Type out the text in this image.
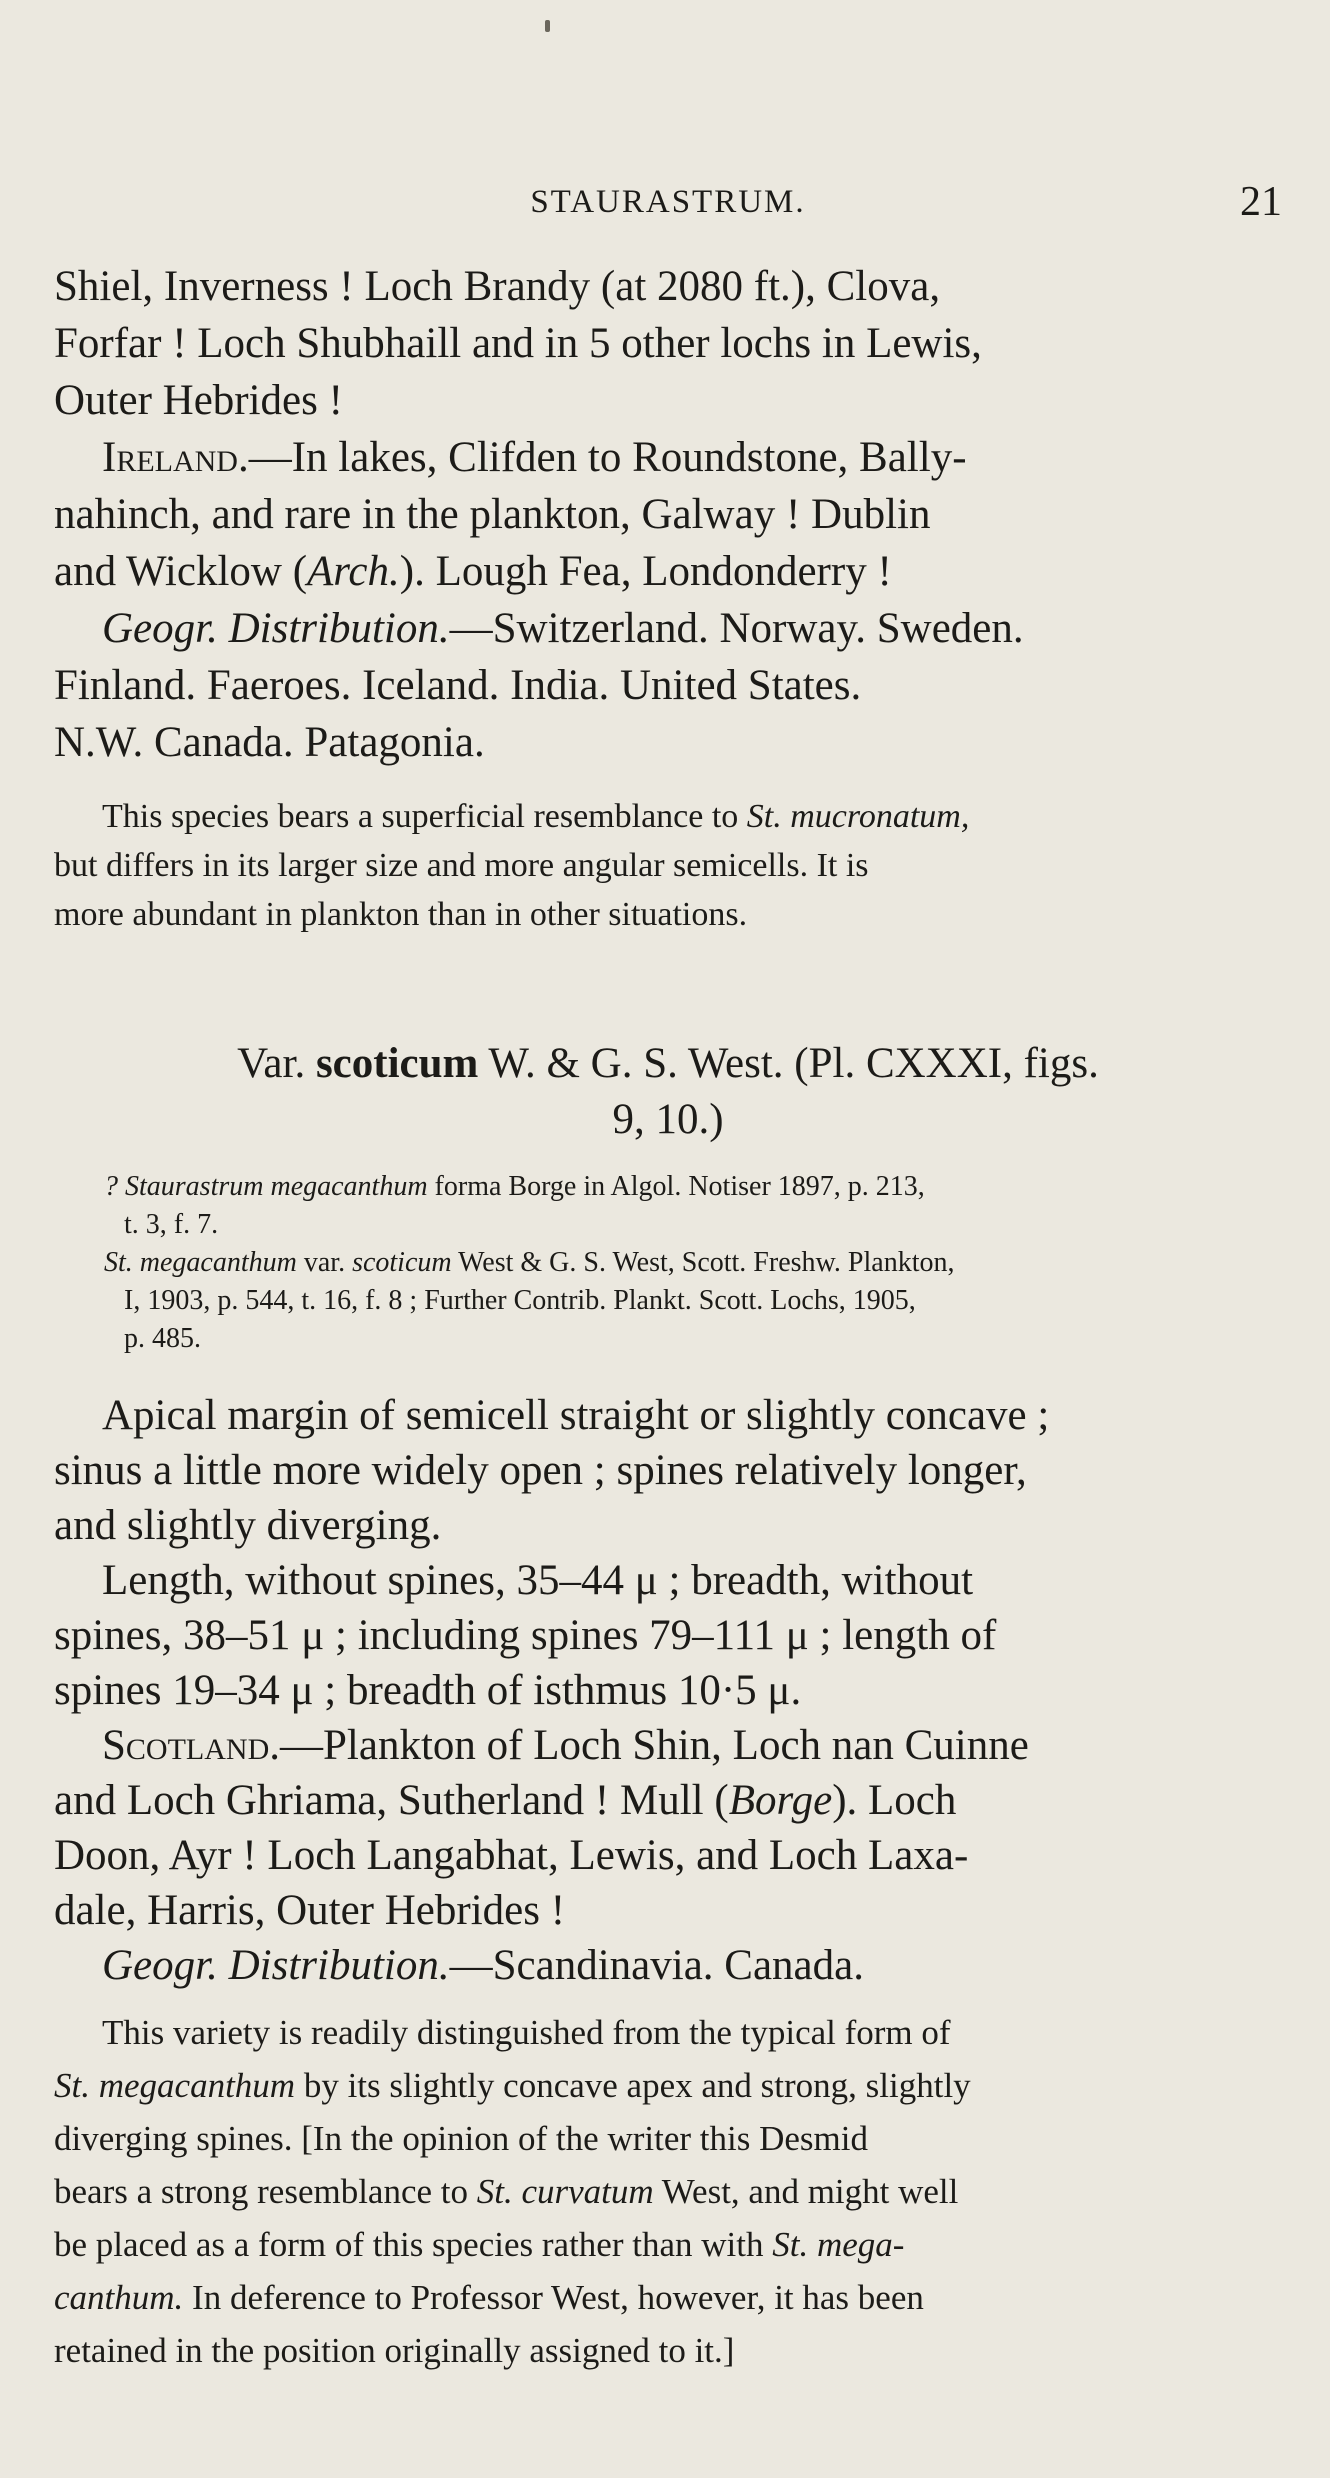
STAURASTRUM.	21
Shiel, Inverness ! Loch Brandy (at 2080 ft.), Clova,
Forfar ! Loch Shubhaill and in 5 other lochs in Lewis,
Outer Hebrides !
Ireland.—In lakes, Clifden to Roundstone, Bally-
nahinch, and rare in the plankton, Galway ! Dublin
and Wicklow (Arch.). Lough Fea, Londonderry !
Geogr. Distribution.—Switzerland. Norway. Sweden.
Finland. Faeroes. Iceland. India. United States.
N.W. Canada. Patagonia.
This species bears a superficial resemblance to St. mucronatum,
but differs in its larger size and more angular semicells. It is
more abundant in plankton than in other situations.
Var. scoticum W. & G. S. West. (Pl. CXXXI, figs.
9, 10.)
? Staurastrum megacanthum forma Borge in Algol. Notiser 1897, p. 213,
t. 3, f. 7.
St. megacanthum var. scoticum West & G. S. West, Scott. Freshw. Plankton,
I, 1903, p. 544, t. 16, f. 8 ; Further Contrib. Plankt. Scott. Lochs, 1905,
p. 485.
Apical margin of semicell straight or slightly concave ;
sinus a little more widely open ; spines relatively longer,
and slightly diverging.
Length, without spines, 35–44 μ ; breadth, without
spines, 38–51 μ ; including spines 79–111 μ ; length of
spines 19–34 μ ; breadth of isthmus 10·5 μ.
Scotland.—Plankton of Loch Shin, Loch nan Cuinne
and Loch Ghriama, Sutherland ! Mull (Borge). Loch
Doon, Ayr ! Loch Langabhat, Lewis, and Loch Laxa-
dale, Harris, Outer Hebrides !
Geogr. Distribution.—Scandinavia. Canada.
This variety is readily distinguished from the typical form of
St. megacanthum by its slightly concave apex and strong, slightly
diverging spines. [In the opinion of the writer this Desmid
bears a strong resemblance to St. curvatum West, and might well
be placed as a form of this species rather than with St. mega-
canthum. In deference to Professor West, however, it has been
retained in the position originally assigned to it.]
